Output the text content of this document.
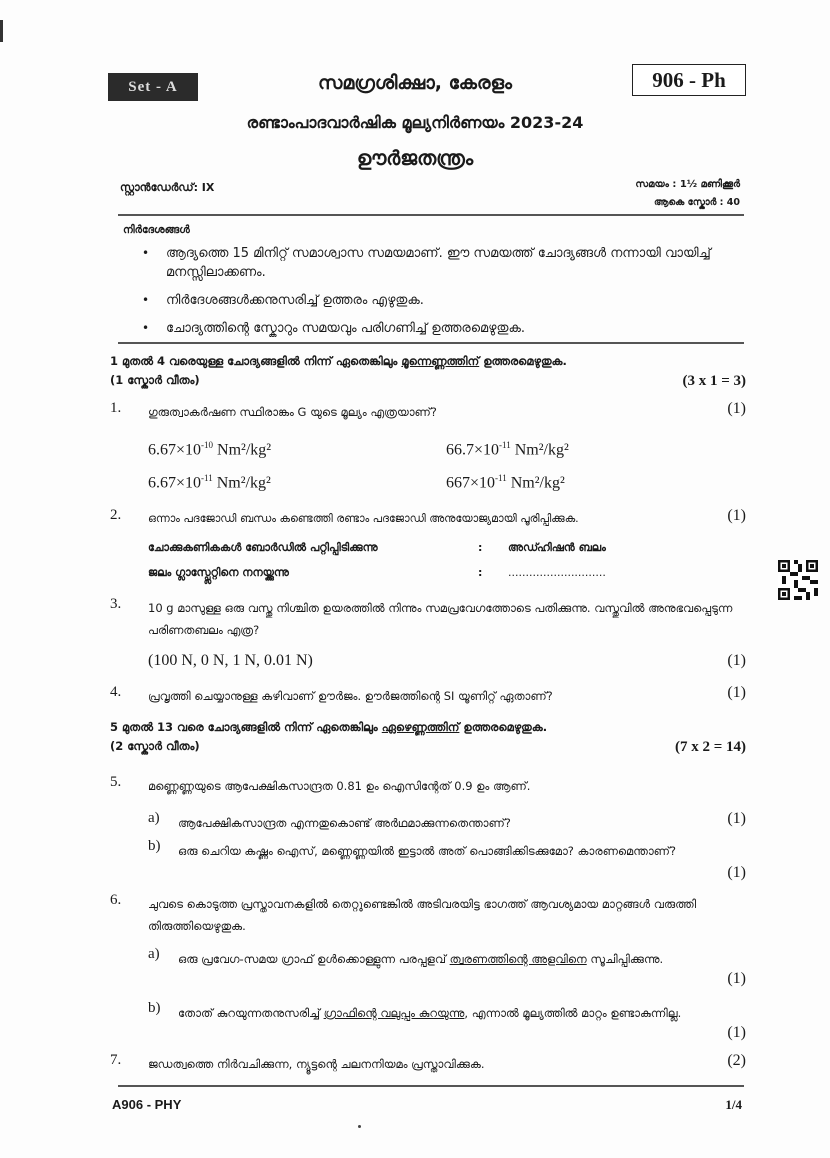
Set - A	906 - Ph
സമഗ്രശിക്ഷാ, കേരളം
രണ്ടാംപാദവാർഷിക മൂല്യനിർണയം 2023-24
ഊർജതന്ത്രം
സ്റ്റാൻഡേർഡ്: IX	സമയം : 1½ മണിക്കൂർ
ആകെ സ്കോർ : 40
നിർദേശങ്ങൾ
• ആദ്യത്തെ 15 മിനിറ്റ് സമാശ്വാസ സമയമാണ്. ഈ സമയത്ത് ചോദ്യങ്ങൾ നന്നായി വായിച്ച് മനസ്സിലാക്കണം.
• നിർദേശങ്ങൾക്കനുസരിച്ച് ഉത്തരം എഴുതുക.
• ചോദ്യത്തിന്റെ സ്കോറും സമയവും പരിഗണിച്ച് ഉത്തരമെഴുതുക.
1 മുതൽ 4 വരെയുള്ള ചോദ്യങ്ങളിൽ നിന്ന് ഏതെങ്കിലും മൂന്നെണ്ണത്തിന് ഉത്തരമെഴുതുക.
(1 സ്കോർ വീതം)	(3 x 1 = 3)
1. ഗുരുത്വാകർഷണ സ്ഥിരാങ്കം G യുടെ മൂല്യം എത്രയാണ്?	(1)
$6.67\times 10^{-10}$ Nm²/kg²	$66.7\times 10^{-11}$ Nm²/kg²
$6.67\times 10^{-11}$ Nm²/kg²	$667\times 10^{-11}$ Nm²/kg²
2. ഒന്നാം പദജോഡി ബന്ധം കണ്ടെത്തി രണ്ടാം പദജോഡി അനുയോജ്യമായി പൂരിപ്പിക്കുക.	(1)
ചോക്കുകണികകൾ ബോർഡിൽ പറ്റിപ്പിടിക്കുന്നു	: അഡ്ഹിഷൻ ബലം
ജലം ഗ്ലാസ്പ്ലേറ്റിനെ നനയ്ക്കുന്നു	: ............................
3. 10 g മാസുള്ള ഒരു വസ്തു നിശ്ചിത ഉയരത്തിൽ നിന്നും സമപ്രവേഗത്തോടെ പതിക്കുന്നു. വസ്തുവിൽ അനുഭവപ്പെടുന്ന പരിണതബലം എത്ര?
(100 N, 0 N, 1 N, 0.01 N)	(1)
4. പ്രവൃത്തി ചെയ്യാനുള്ള കഴിവാണ് ഊർജം. ഊർജത്തിന്റെ SI യൂണിറ്റ് ഏതാണ്?	(1)
5 മുതൽ 13 വരെ ചോദ്യങ്ങളിൽ നിന്ന് ഏതെങ്കിലും ഏഴെണ്ണത്തിന് ഉത്തരമെഴുതുക.
(2 സ്കോർ വീതം)	(7 x 2 = 14)
5. മണ്ണെണ്ണയുടെ ആപേക്ഷികസാന്ദ്രത 0.81 ഉം ഐസിന്റേത് 0.9 ഉം ആണ്.
a) ആപേക്ഷികസാന്ദ്രത എന്നതുകൊണ്ട് അർഥമാക്കുന്നതെന്താണ്?	(1)
b) ഒരു ചെറിയ കഷ്ണം ഐസ്, മണ്ണെണ്ണയിൽ ഇട്ടാൽ അത് പൊങ്ങിക്കിടക്കുമോ? കാരണമെന്താണ്?
(1)
6. ചുവടെ കൊടുത്ത പ്രസ്താവനകളിൽ തെറ്റുണ്ടെങ്കിൽ അടിവരയിട്ട ഭാഗത്ത് ആവശ്യമായ മാറ്റങ്ങൾ വരുത്തി തിരുത്തിയെഴുതുക.
a) ഒരു പ്രവേഗ-സമയ ഗ്രാഫ് ഉൾക്കൊള്ളുന്ന പരപ്പളവ് ത്വരണത്തിന്റെ അളവിനെ സൂചിപ്പിക്കുന്നു.
(1)
b) തോത് കുറയുന്നതനുസരിച്ച് ഗ്രാഫിന്റെ വലുപ്പം കുറയുന്നു, എന്നാൽ മൂല്യത്തിൽ മാറ്റം ഉണ്ടാകുന്നില്ല.
(1)
7. ജഡത്വത്തെ നിർവചിക്കുന്ന, ന്യൂട്ടന്റെ ചലനനിയമം പ്രസ്താവിക്കുക.	(2)
A906 - PHY	1/4
